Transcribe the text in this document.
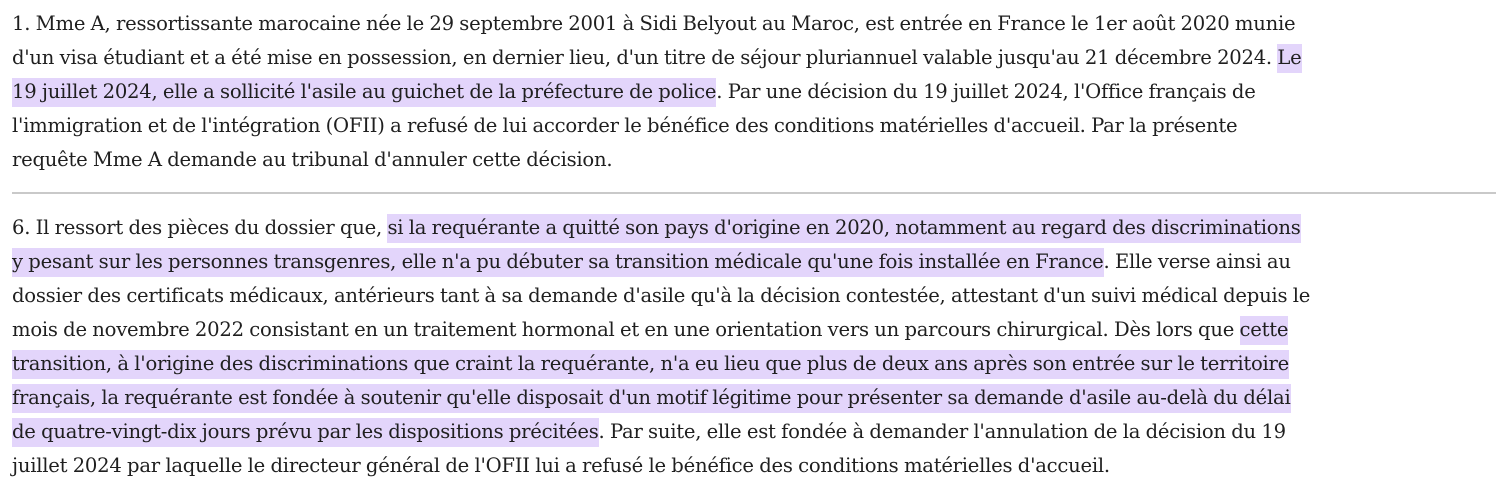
1. Mme A, ressortissante marocaine née le 29 septembre 2001 à Sidi Belyout au Maroc, est entrée en France le 1er août 2020 munie
d'un visa étudiant et a été mise en possession, en dernier lieu, d'un titre de séjour pluriannuel valable jusqu'au 21 décembre 2024. Le
19 juillet 2024, elle a sollicité l'asile au guichet de la préfecture de police. Par une décision du 19 juillet 2024, l'Office français de
l'immigration et de l'intégration (OFII) a refusé de lui accorder le bénéfice des conditions matérielles d'accueil. Par la présente
requête Mme A demande au tribunal d'annuler cette décision.

6. Il ressort des pièces du dossier que, si la requérante a quitté son pays d'origine en 2020, notamment au regard des discriminations
y pesant sur les personnes transgenres, elle n'a pu débuter sa transition médicale qu'une fois installée en France. Elle verse ainsi au
dossier des certificats médicaux, antérieurs tant à sa demande d'asile qu'à la décision contestée, attestant d'un suivi médical depuis le
mois de novembre 2022 consistant en un traitement hormonal et en une orientation vers un parcours chirurgical. Dès lors que cette
transition, à l'origine des discriminations que craint la requérante, n'a eu lieu que plus de deux ans après son entrée sur le territoire
français, la requérante est fondée à soutenir qu'elle disposait d'un motif légitime pour présenter sa demande d'asile au-delà du délai
de quatre-vingt-dix jours prévu par les dispositions précitées. Par suite, elle est fondée à demander l'annulation de la décision du 19
juillet 2024 par laquelle le directeur général de l'OFII lui a refusé le bénéfice des conditions matérielles d'accueil.
